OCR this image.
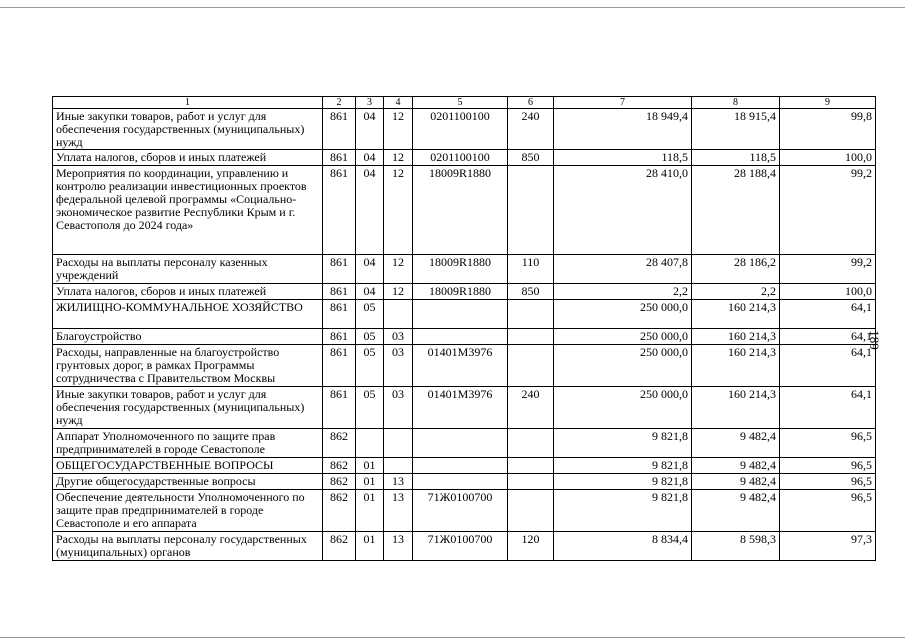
189
1	2	3	4	5	6	7	8	9
Иные закупки товаров, работ и услуг для обеспечения государственных (муниципальных) нужд	861	04	12	0201100100	240	18 949,4	18 915,4	99,8
Уплата налогов, сборов и иных платежей	861	04	12	0201100100	850	118,5	118,5	100,0
Мероприятия по координации, управлению и контролю реализации инвестиционных проектов федеральной целевой программы «Социально-экономическое развитие Республики Крым и г. Севастополя до 2024 года»	861	04	12	18009R1880		28 410,0	28 188,4	99,2
Расходы на выплаты персоналу казенных учреждений	861	04	12	18009R1880	110	28 407,8	28 186,2	99,2
Уплата налогов, сборов и иных платежей	861	04	12	18009R1880	850	2,2	2,2	100,0
ЖИЛИЩНО-КОММУНАЛЬНОЕ ХОЗЯЙСТВО	861	05				250 000,0	160 214,3	64,1
Благоустройство	861	05	03			250 000,0	160 214,3	64,1
Расходы, направленные на благоустройство грунтовых дорог, в рамках Программы сотрудничества с Правительством Москвы	861	05	03	01401М3976		250 000,0	160 214,3	64,1
Иные закупки товаров, работ и услуг для обеспечения государственных (муниципальных) нужд	861	05	03	01401М3976	240	250 000,0	160 214,3	64,1
Аппарат Уполномоченного по защите прав предпринимателей в городе Севастополе	862					9 821,8	9 482,4	96,5
ОБЩЕГОСУДАРСТВЕННЫЕ ВОПРОСЫ	862	01				9 821,8	9 482,4	96,5
Другие общегосударственные вопросы	862	01	13			9 821,8	9 482,4	96,5
Обеспечение деятельности Уполномоченного по защите прав предпринимателей в городе Севастополе и его аппарата	862	01	13	71Ж0100700		9 821,8	9 482,4	96,5
Расходы на выплаты персоналу государственных (муниципальных) органов	862	01	13	71Ж0100700	120	8 834,4	8 598,3	97,3
